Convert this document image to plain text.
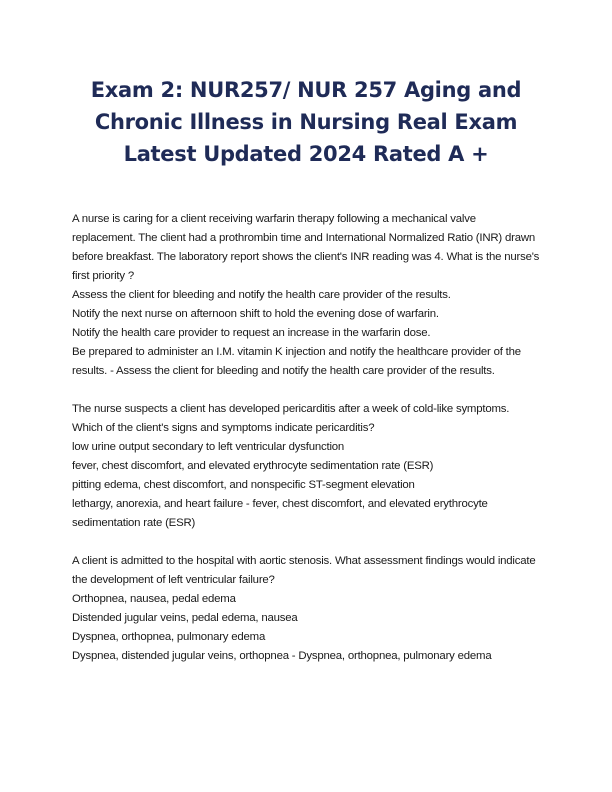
Exam 2: NUR257/ NUR 257 Aging and Chronic Illness in Nursing Real Exam Latest Updated 2024 Rated A +

A nurse is caring for a client receiving warfarin therapy following a mechanical valve replacement. The client had a prothrombin time and International Normalized Ratio (INR) drawn before breakfast. The laboratory report shows the client's INR reading was 4. What is the nurse's first priority ?

Assess the client for bleeding and notify the health care provider of the results.

Notify the next nurse on afternoon shift to hold the evening dose of warfarin.

Notify the health care provider to request an increase in the warfarin dose.

Be prepared to administer an I.M. vitamin K injection and notify the healthcare provider of the results. - Assess the client for bleeding and notify the health care provider of the results.

The nurse suspects a client has developed pericarditis after a week of cold-like symptoms. Which of the client's signs and symptoms indicate pericarditis?

low urine output secondary to left ventricular dysfunction

fever, chest discomfort, and elevated erythrocyte sedimentation rate (ESR)

pitting edema, chest discomfort, and nonspecific ST-segment elevation

lethargy, anorexia, and heart failure - fever, chest discomfort, and elevated erythrocyte sedimentation rate (ESR)

A client is admitted to the hospital with aortic stenosis. What assessment findings would indicate the development of left ventricular failure?

Orthopnea, nausea, pedal edema

Distended jugular veins, pedal edema, nausea

Dyspnea, orthopnea, pulmonary edema

Dyspnea, distended jugular veins, orthopnea - Dyspnea, orthopnea, pulmonary edema
